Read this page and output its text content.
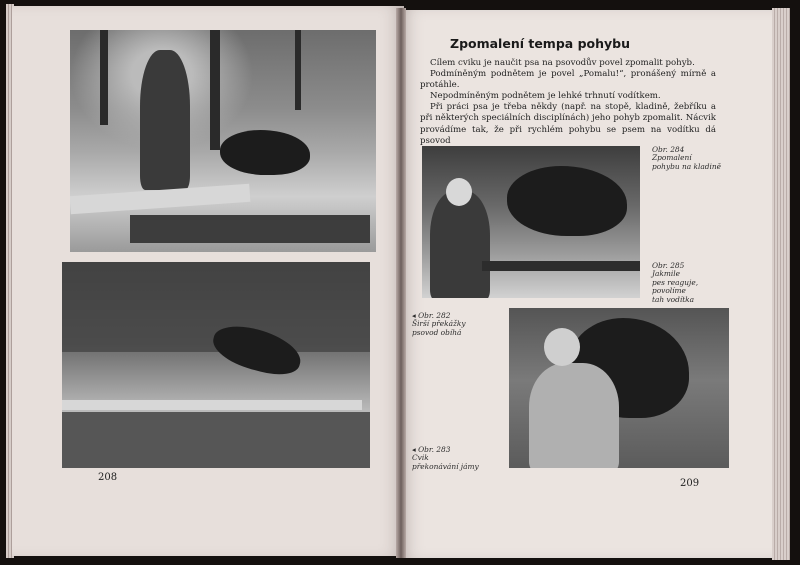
208
Zpomalení tempa pohybu

Cílem cviku je naučit psa na psovodův povel zpomalit pohyb.

Podmíněným podnětem je povel „Pomalu!“, pronášený mírně a protáhle.

Nepodmíněným podnětem je lehké trhnutí vodítkem.

Při práci psa je třeba někdy (např. na stopě, kladině, žebříku a při některých speciálních disciplínách) jeho pohyb zpomalit. Nácvik provádíme tak, že při rychlém pohybu se psem na vodítku dá psovod

Obr. 284
Zpomalení
pohybu na kladině
Obr. 285
Jakmile
pes reaguje,
povolíme
tah vodítka
◂ Obr. 282
Širší překážky
psovod obíhá
◂ Obr. 283
Cvik
překonávání jámy
209
